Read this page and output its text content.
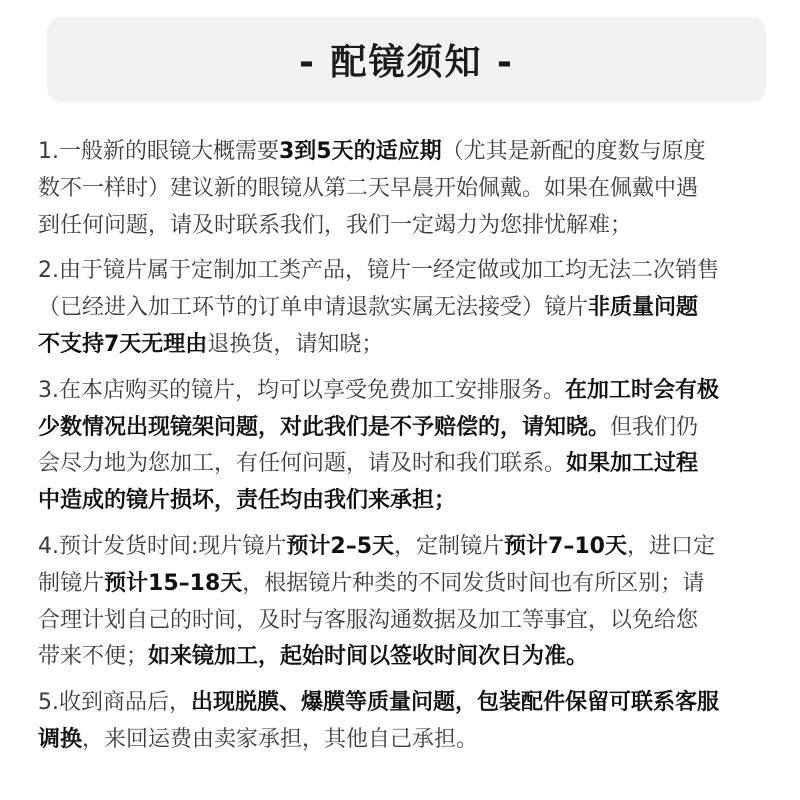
- 配镜须知 -
1.一般新的眼镜大概需要3到5天的适应期（尤其是新配的度数与原度
数不一样时）建议新的眼镜从第二天早晨开始佩戴。如果在佩戴中遇
到任何问题，请及时联系我们，我们一定竭力为您排忧解难；
2.由于镜片属于定制加工类产品，镜片一经定做或加工均无法二次销售
（已经进入加工环节的订单申请退款实属无法接受）镜片非质量问题
不支持7天无理由退换货，请知晓；
3.在本店购买的镜片，均可以享受免费加工安排服务。在加工时会有极
少数情况出现镜架问题，对此我们是不予赔偿的，请知晓。但我们仍
会尽力地为您加工，有任何问题，请及时和我们联系。如果加工过程
中造成的镜片损坏，责任均由我们来承担；
4.预计发货时间:现片镜片预计2–5天，定制镜片预计7–10天，进口定
制镜片预计15–18天，根据镜片种类的不同发货时间也有所区别；请
合理计划自己的时间，及时与客服沟通数据及加工等事宜，以免给您
带来不便；如来镜加工，起始时间以签收时间次日为准。
5.收到商品后，出现脱膜、爆膜等质量问题，包装配件保留可联系客服
调换，来回运费由卖家承担，其他自己承担。
